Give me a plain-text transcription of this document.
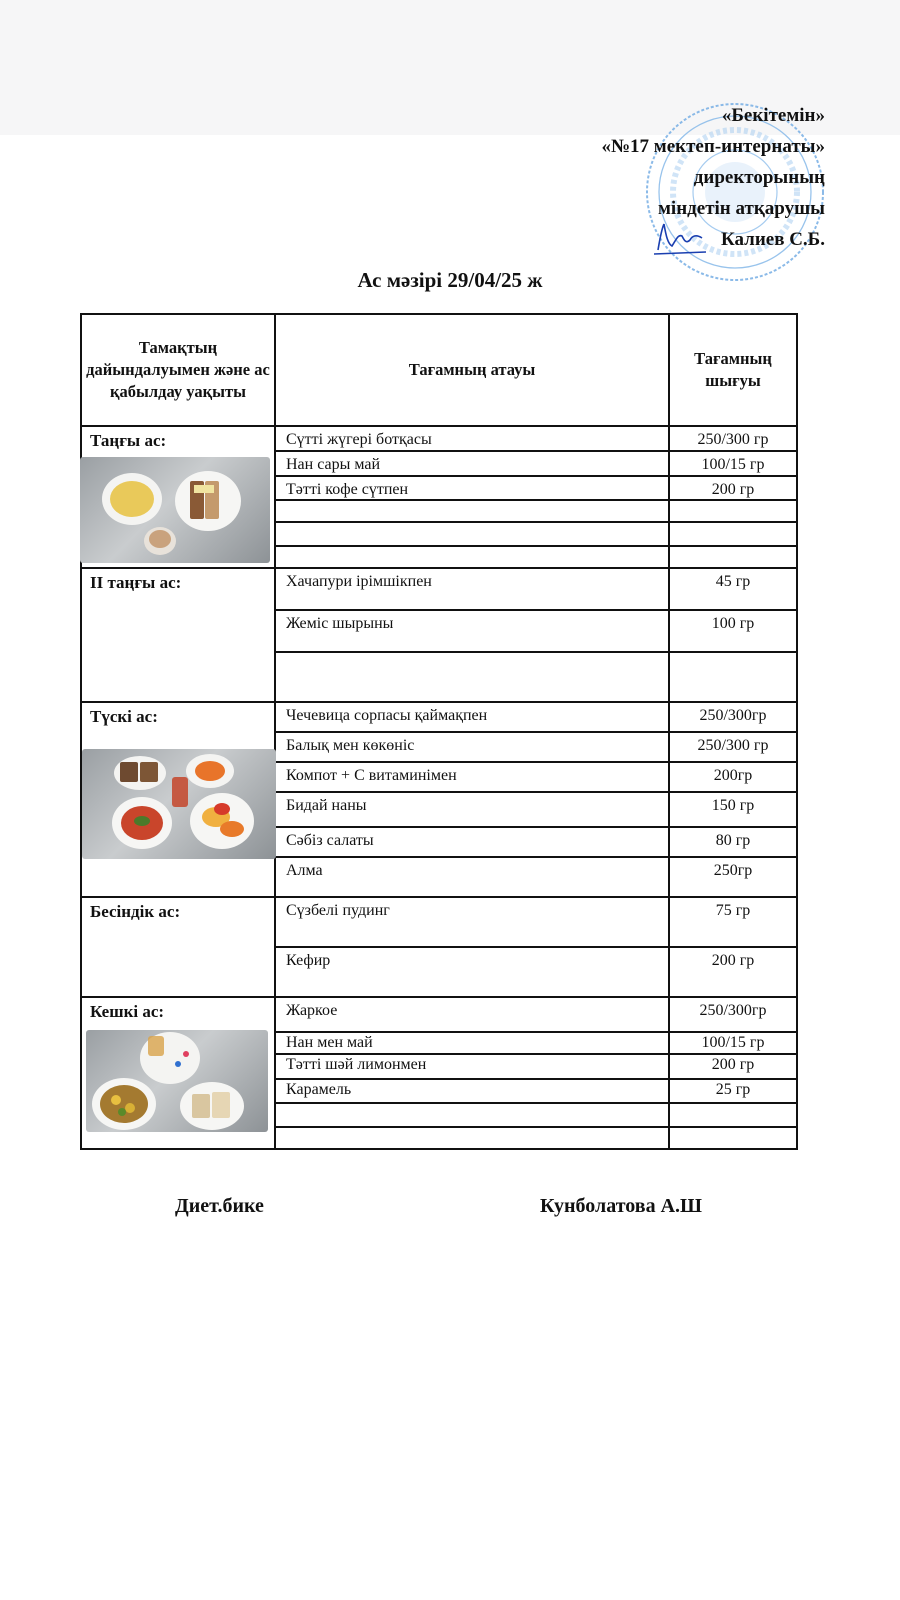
«Бекітемін»
«№17 мектеп-интернаты»
директорының
міндетін атқарушы
Калиев С.Б.
Ас мәзірі 29/04/25 ж
Тамақтың дайындалуымен және ас қабылдау уақыты	Тағамның атауы	Тағамның шығуы
Таңғы ас:	Сүтті жүгері ботқасы	250/300 гр
	Нан сары май	100/15 гр
	Тәтті кофе сүтпен	200 гр

ІІ таңғы ас:	Хачапури ірімшікпен	45 гр
	Жеміс шырыны	100 гр

Түскі ас:	Чечевица сорпасы қаймақпен	250/300гр
	Балық мен көкөніс	250/300 гр
	Компот + С витаминімен	200гр
	Бидай наны	150 гр
	Сәбіз салаты	80 гр
	Алма	250гр
Бесіндік ас:	Сүзбелі пудинг	75 гр
	Кефир	200 гр
Кешкі ас:	Жаркое	250/300гр
	Нан мен май	100/15 гр
	Тәтті шәй лимонмен	200 гр
	Карамель	25 гр

Диет.бике	Кунболатова А.Ш
